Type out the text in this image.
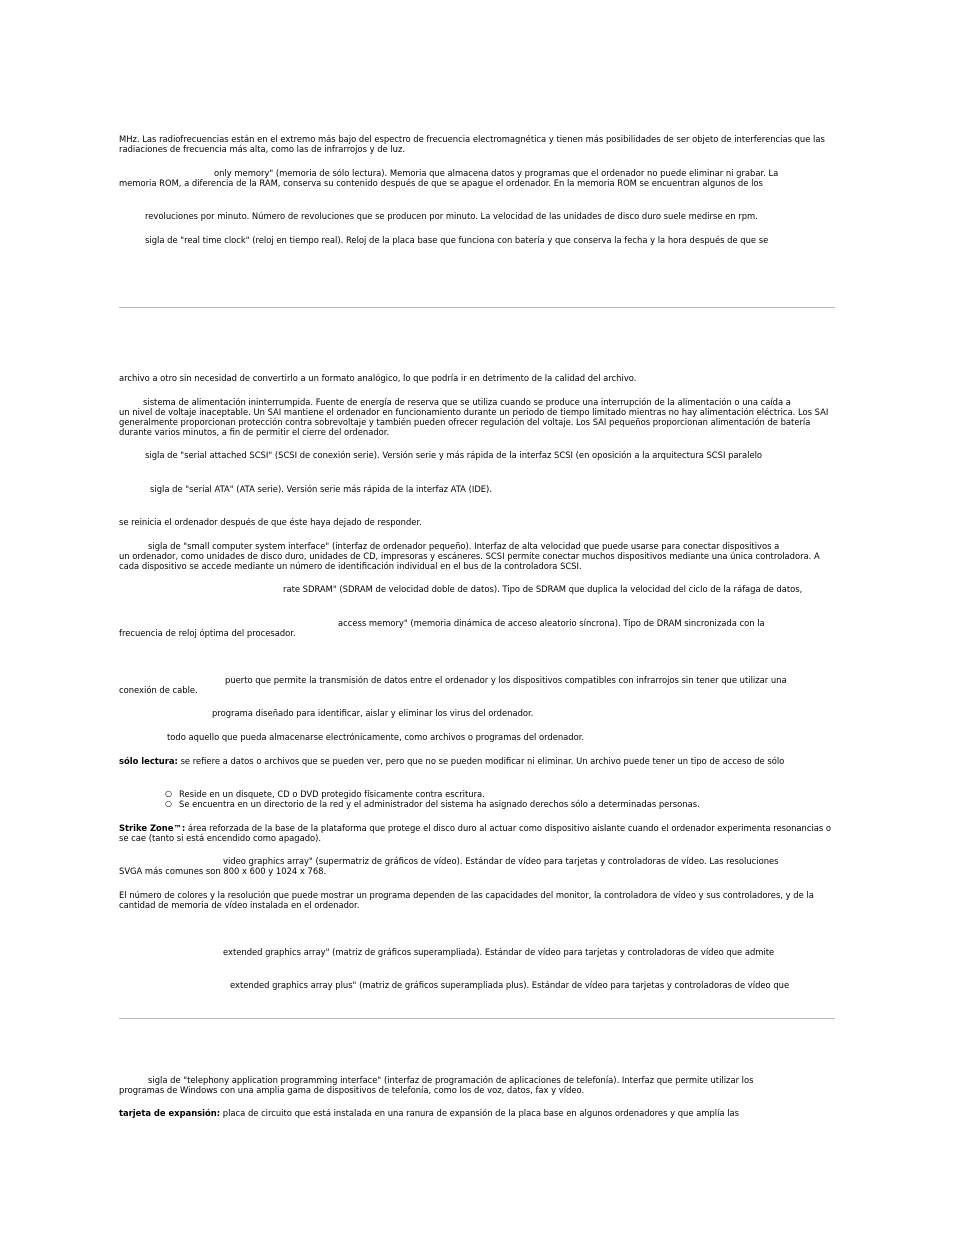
MHz. Las radiofrecuencias están en el extremo más bajo del espectro de frecuencia electromagnética y tienen más posibilidades de ser objeto de interferencias que las radiaciones de frecuencia más alta, como las de infrarrojos y de luz.

only memory" (memoria de sólo lectura). Memoria que almacena datos y programas que el ordenador no puede eliminar ni grabar. La

memoria ROM, a diferencia de la RAM, conserva su contenido después de que se apague el ordenador. En la memoria ROM se encuentran algunos de los

revoluciones por minuto. Número de revoluciones que se producen por minuto. La velocidad de las unidades de disco duro suele medirse en rpm.

sigla de "real time clock" (reloj en tiempo real). Reloj de la placa base que funciona con batería y que conserva la fecha y la hora después de que se

archivo a otro sin necesidad de convertirlo a un formato analógico, lo que podría ir en detrimento de la calidad del archivo.

sistema de alimentación ininterrumpida. Fuente de energía de reserva que se utiliza cuando se produce una interrupción de la alimentación o una caída a

un nivel de voltaje inaceptable. Un SAI mantiene el ordenador en funcionamiento durante un periodo de tiempo limitado mientras no hay alimentación eléctrica. Los SAI generalmente proporcionan protección contra sobrevoltaje y también pueden ofrecer regulación del voltaje. Los SAI pequeños proporcionan alimentación de batería durante varios minutos, a fin de permitir el cierre del ordenador.

sigla de "serial attached SCSI" (SCSI de conexión serie). Versión serie y más rápida de la interfaz SCSI (en oposición a la arquitectura SCSI paralelo

sigla de "serial ATA" (ATA serie). Versión serie más rápida de la interfaz ATA (IDE).

se reinicia el ordenador después de que éste haya dejado de responder.

sigla de "small computer system interface" (interfaz de ordenador pequeño). Interfaz de alta velocidad que puede usarse para conectar dispositivos a

un ordenador, como unidades de disco duro, unidades de CD, impresoras y escáneres. SCSI permite conectar muchos dispositivos mediante una única controladora. A cada dispositivo se accede mediante un número de identificación individual en el bus de la controladora SCSI.

rate SDRAM" (SDRAM de velocidad doble de datos). Tipo de SDRAM que duplica la velocidad del ciclo de la ráfaga de datos,

access memory" (memoria dinámica de acceso aleatorio síncrona). Tipo de DRAM sincronizada con la

frecuencia de reloj óptima del procesador.

puerto que permite la transmisión de datos entre el ordenador y los dispositivos compatibles con infrarrojos sin tener que utilizar una

conexión de cable.

programa diseñado para identificar, aislar y eliminar los virus del ordenador.

todo aquello que pueda almacenarse electrónicamente, como archivos o programas del ordenador.

sólo lectura: se refiere a datos o archivos que se pueden ver, pero que no se pueden modificar ni eliminar. Un archivo puede tener un tipo de acceso de sólo

○ Reside en un disquete, CD o DVD protegido físicamente contra escritura.

○ Se encuentra en un directorio de la red y el administrador del sistema ha asignado derechos sólo a determinadas personas.

Strike Zone™: área reforzada de la base de la plataforma que protege el disco duro al actuar como dispositivo aislante cuando el ordenador experimenta resonancias o se cae (tanto si está encendido como apagado).

video graphics array" (supermatriz de gráficos de vídeo). Estándar de vídeo para tarjetas y controladoras de vídeo. Las resoluciones

SVGA más comunes son 800 x 600 y 1024 x 768.

El número de colores y la resolución que puede mostrar un programa dependen de las capacidades del monitor, la controladora de vídeo y sus controladores, y de la cantidad de memoria de vídeo instalada en el ordenador.

extended graphics array" (matriz de gráficos superampliada). Estándar de vídeo para tarjetas y controladoras de vídeo que admite

extended graphics array plus" (matriz de gráficos superampliada plus). Estándar de vídeo para tarjetas y controladoras de vídeo que

sigla de "telephony application programming interface" (interfaz de programación de aplicaciones de telefonía). Interfaz que permite utilizar los

programas de Windows con una amplia gama de dispositivos de telefonía, como los de voz, datos, fax y vídeo.

tarjeta de expansión: placa de circuito que está instalada en una ranura de expansión de la placa base en algunos ordenadores y que amplía las
